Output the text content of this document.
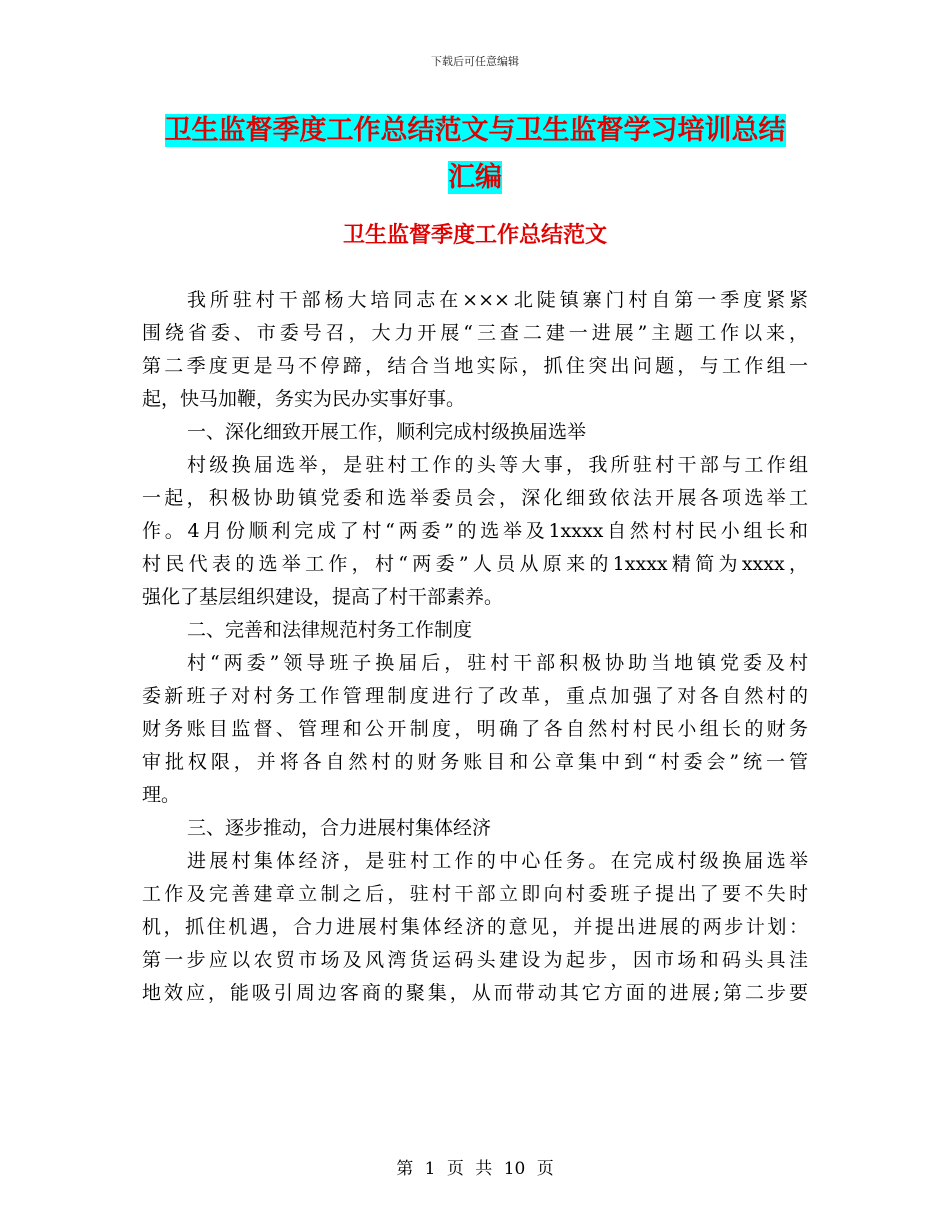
下载后可任意编辑
卫生监督季度工作总结范文与卫生监督学习培训总结
汇编
卫生监督季度工作总结范文
我所驻村干部杨大培同志在×××北陡镇寨门村自第一季度紧紧
围绕省委、市委号召，大力开展“三查二建一进展”主题工作以来，
第二季度更是马不停蹄，结合当地实际，抓住突出问题，与工作组一
起，快马加鞭，务实为民办实事好事。
一、深化细致开展工作，顺利完成村级换届选举
村级换届选举，是驻村工作的头等大事，我所驻村干部与工作组
一起，积极协助镇党委和选举委员会，深化细致依法开展各项选举工
作。4月份顺利完成了村“两委”的选举及1xxxx自然村村民小组长和
村民代表的选举工作，村“两委”人员从原来的1xxxx精简为xxxx，
强化了基层组织建设，提高了村干部素养。
二、完善和法律规范村务工作制度
村“两委”领导班子换届后，驻村干部积极协助当地镇党委及村
委新班子对村务工作管理制度进行了改革，重点加强了对各自然村的
财务账目监督、管理和公开制度，明确了各自然村村民小组长的财务
审批权限，并将各自然村的财务账目和公章集中到“村委会”统一管
理。
三、逐步推动，合力进展村集体经济
进展村集体经济，是驻村工作的中心任务。在完成村级换届选举
工作及完善建章立制之后，驻村干部立即向村委班子提出了要不失时
机，抓住机遇，合力进展村集体经济的意见，并提出进展的两步计划：
第一步应以农贸市场及风湾货运码头建设为起步，因市场和码头具洼
地效应，能吸引周边客商的聚集，从而带动其它方面的进展;第二步要
第 1 页 共 10 页
